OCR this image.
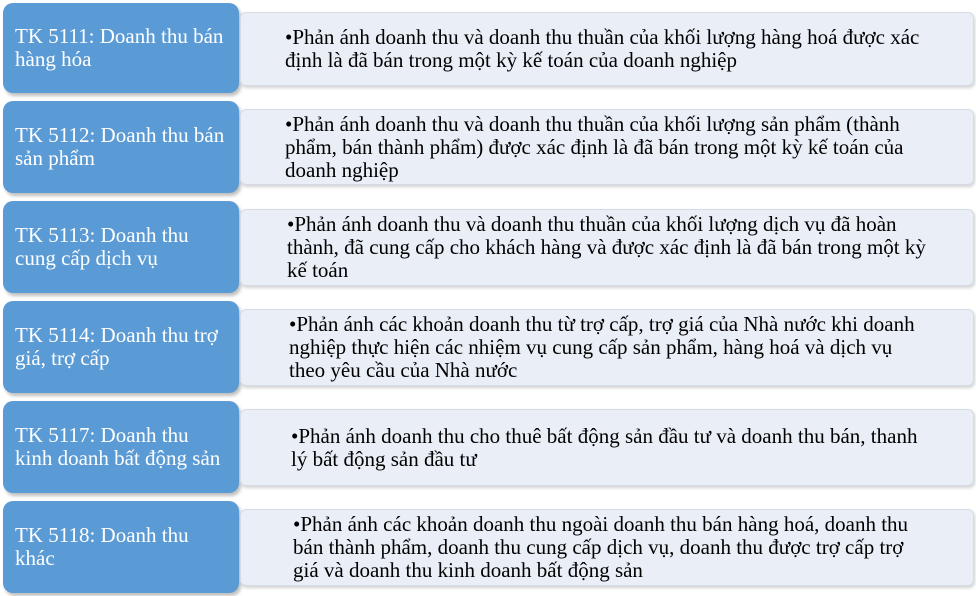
TK 5111: Doanh thu bán hàng hóa
•Phản ánh doanh thu và doanh thu thuần của khối lượng hàng hoá được xác định là đã bán trong một kỳ kế toán của doanh nghiệp
TK 5112: Doanh thu bán sản phẩm
•Phản ánh doanh thu và doanh thu thuần của khối lượng sản phẩm (thành phẩm, bán thành phẩm) được xác định là đã bán trong một kỳ kế toán của doanh nghiệp
TK 5113: Doanh thu cung cấp dịch vụ
•Phản ánh doanh thu và doanh thu thuần của khối lượng dịch vụ đã hoàn thành, đã cung cấp cho khách hàng và được xác định là đã bán trong một kỳ kế toán
TK 5114: Doanh thu trợ giá, trợ cấp
•Phản ánh các khoản doanh thu từ trợ cấp, trợ giá của Nhà nước khi doanh nghiệp thực hiện các nhiệm vụ cung cấp sản phẩm, hàng hoá và dịch vụ theo yêu cầu của Nhà nước
TK 5117: Doanh thu kinh doanh bất động sản
•Phản ánh doanh thu cho thuê bất động sản đầu tư và doanh thu bán, thanh lý bất động sản đầu tư
TK 5118: Doanh thu khác
•Phản ánh các khoản doanh thu ngoài doanh thu bán hàng hoá, doanh thu bán thành phẩm, doanh thu cung cấp dịch vụ, doanh thu được trợ cấp trợ giá và doanh thu kinh doanh bất động sản
